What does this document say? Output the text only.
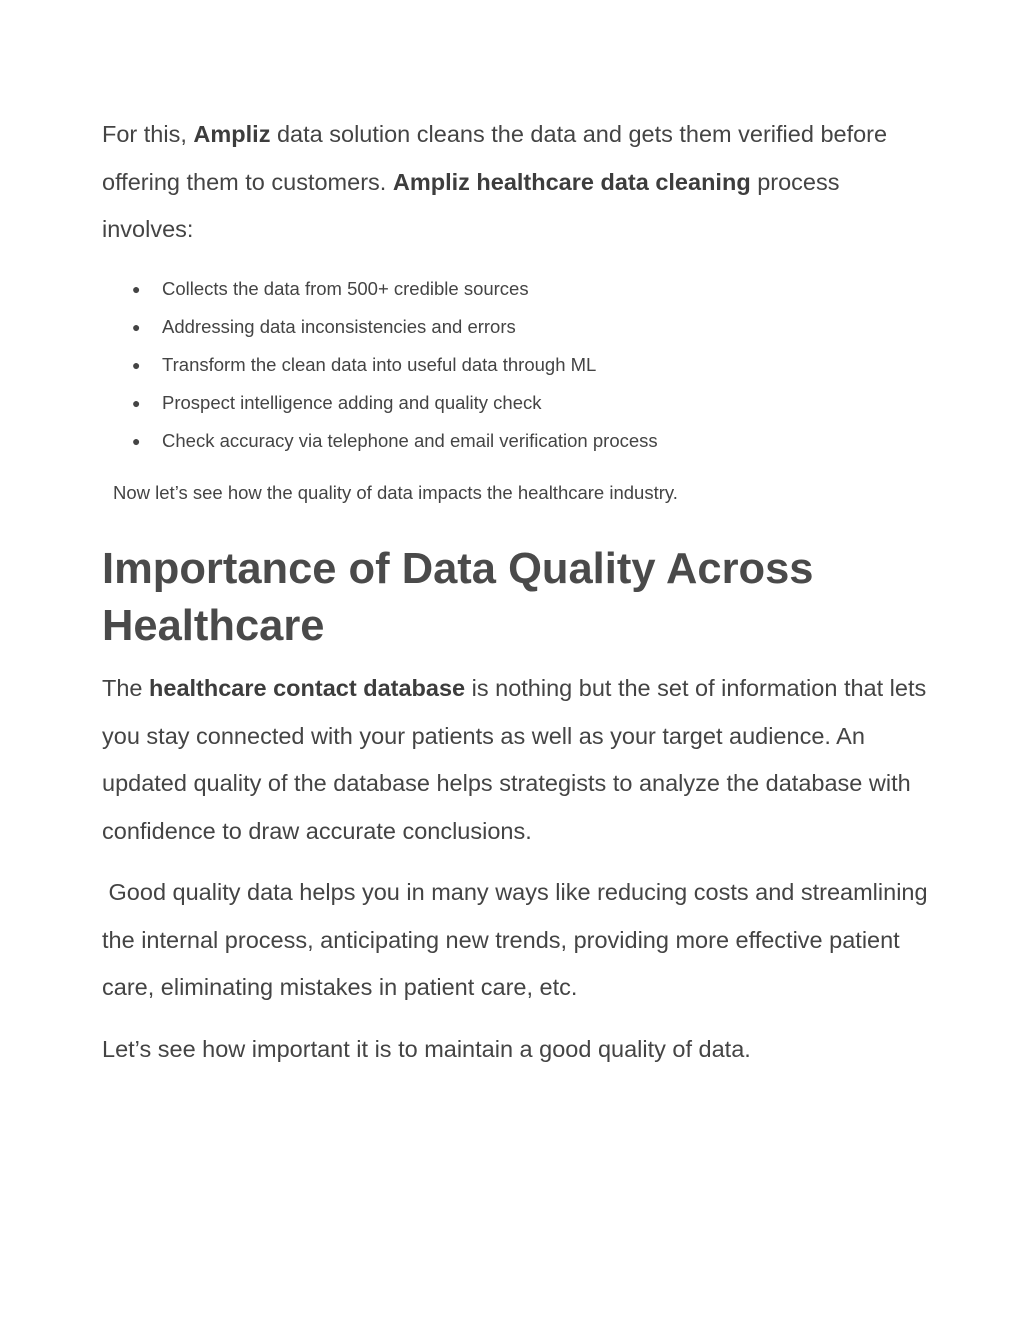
For this, Ampliz data solution cleans the data and gets them verified before offering them to customers. Ampliz healthcare data cleaning process involves:

● Collects the data from 500+ credible sources
● Addressing data inconsistencies and errors
● Transform the clean data into useful data through ML
● Prospect intelligence adding and quality check
● Check accuracy via telephone and email verification process

Now let’s see how the quality of data impacts the healthcare industry.

Importance of Data Quality Across Healthcare

The healthcare contact database is nothing but the set of information that lets you stay connected with your patients as well as your target audience. An updated quality of the database helps strategists to analyze the database with confidence to draw accurate conclusions.

Good quality data helps you in many ways like reducing costs and streamlining the internal process, anticipating new trends, providing more effective patient care, eliminating mistakes in patient care, etc.

Let’s see how important it is to maintain a good quality of data.
